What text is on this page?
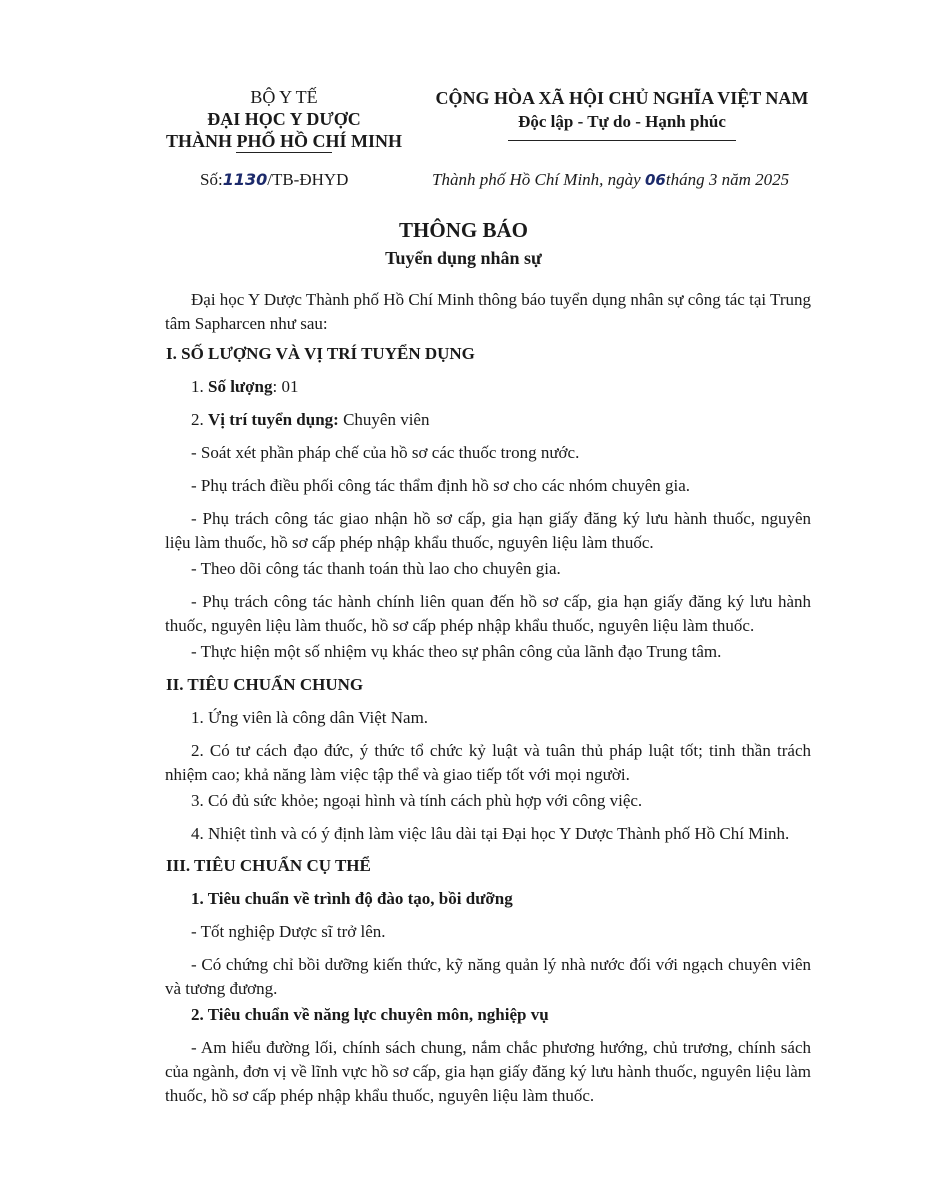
BỘ Y TẾ
ĐẠI HỌC Y DƯỢC
THÀNH PHỐ HỒ CHÍ MINH
CỘNG HÒA XÃ HỘI CHỦ NGHĨA VIỆT NAM
Độc lập - Tự do - Hạnh phúc
Số:1130/TB-ĐHYD	Thành phố Hồ Chí Minh, ngày 06tháng 3 năm 2025
THÔNG BÁO
Tuyển dụng nhân sự
Đại học Y Dược Thành phố Hồ Chí Minh thông báo tuyển dụng nhân sự công tác tại Trung tâm Sapharcen như sau:
I. SỐ LƯỢNG VÀ VỊ TRÍ TUYỂN DỤNG
1. Số lượng: 01
2. Vị trí tuyển dụng: Chuyên viên
- Soát xét phần pháp chế của hồ sơ các thuốc trong nước.
- Phụ trách điều phối công tác thẩm định hồ sơ cho các nhóm chuyên gia.
- Phụ trách công tác giao nhận hồ sơ cấp, gia hạn giấy đăng ký lưu hành thuốc, nguyên liệu làm thuốc, hồ sơ cấp phép nhập khẩu thuốc, nguyên liệu làm thuốc.
- Theo dõi công tác thanh toán thù lao cho chuyên gia.
- Phụ trách công tác hành chính liên quan đến hồ sơ cấp, gia hạn giấy đăng ký lưu hành thuốc, nguyên liệu làm thuốc, hồ sơ cấp phép nhập khẩu thuốc, nguyên liệu làm thuốc.
- Thực hiện một số nhiệm vụ khác theo sự phân công của lãnh đạo Trung tâm.
II. TIÊU CHUẨN CHUNG
1. Ứng viên là công dân Việt Nam.
2. Có tư cách đạo đức, ý thức tổ chức kỷ luật và tuân thủ pháp luật tốt; tinh thần trách nhiệm cao; khả năng làm việc tập thể và giao tiếp tốt với mọi người.
3. Có đủ sức khỏe; ngoại hình và tính cách phù hợp với công việc.
4. Nhiệt tình và có ý định làm việc lâu dài tại Đại học Y Dược Thành phố Hồ Chí Minh.
III. TIÊU CHUẨN CỤ THỂ
1. Tiêu chuẩn về trình độ đào tạo, bồi dưỡng
- Tốt nghiệp Dược sĩ trở lên.
- Có chứng chỉ bồi dưỡng kiến thức, kỹ năng quản lý nhà nước đối với ngạch chuyên viên và tương đương.
2. Tiêu chuẩn về năng lực chuyên môn, nghiệp vụ
- Am hiểu đường lối, chính sách chung, nắm chắc phương hướng, chủ trương, chính sách của ngành, đơn vị về lĩnh vực hồ sơ cấp, gia hạn giấy đăng ký lưu hành thuốc, nguyên liệu làm thuốc, hồ sơ cấp phép nhập khẩu thuốc, nguyên liệu làm thuốc.
